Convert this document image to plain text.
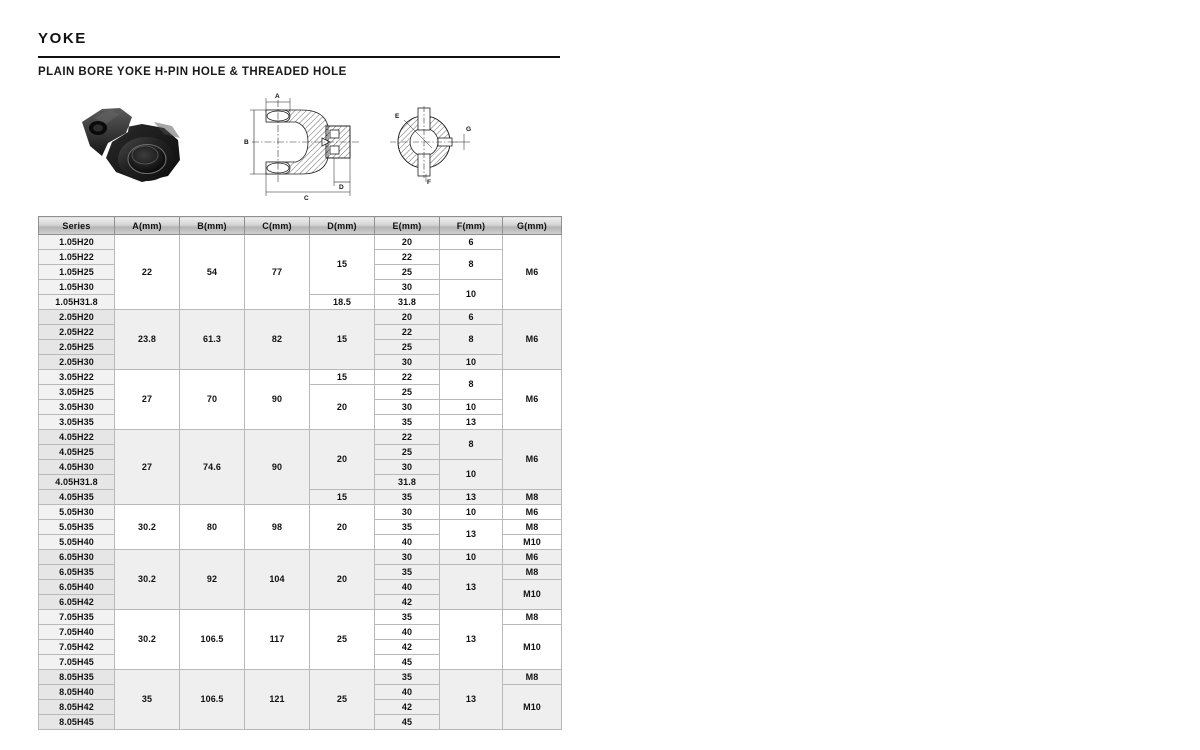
YOKE
PLAIN BORE YOKE H-PIN HOLE & THREADED HOLE
A
B
C
D
E
F
G
Series	A(mm)	B(mm)	C(mm)	D(mm)	E(mm)	F(mm)	G(mm)
1.05H20	22	54	77	15	20	6	M6
1.05H22					22	8	
1.05H25					25		
1.05H30					30	10	
1.05H31.8				18.5	31.8		
2.05H20	23.8	61.3	82	15	20	6	M6
2.05H22					22	8	
2.05H25					25		
2.05H30					30	10	
3.05H22	27	70	90	15	22	8	M6
3.05H25				20	25		
3.05H30					30	10	
3.05H35					35	13	
4.05H22	27	74.6	90	20	22	8	M6
4.05H25					25		
4.05H30					30	10	
4.05H31.8					31.8		
4.05H35				15	35	13	M8
5.05H30	30.2	80	98	20	30	10	M6
5.05H35					35	13	M8
5.05H40					40		M10
6.05H30	30.2	92	104	20	30	10	M6
6.05H35					35	13	M8
6.05H40					40		M10
6.05H42					42		
7.05H35	30.2	106.5	117	25	35	13	M8
7.05H40					40		M10
7.05H42					42		
7.05H45					45		
8.05H35	35	106.5	121	25	35	13	M8
8.05H40					40		M10
8.05H42					42		
8.05H45					45		
